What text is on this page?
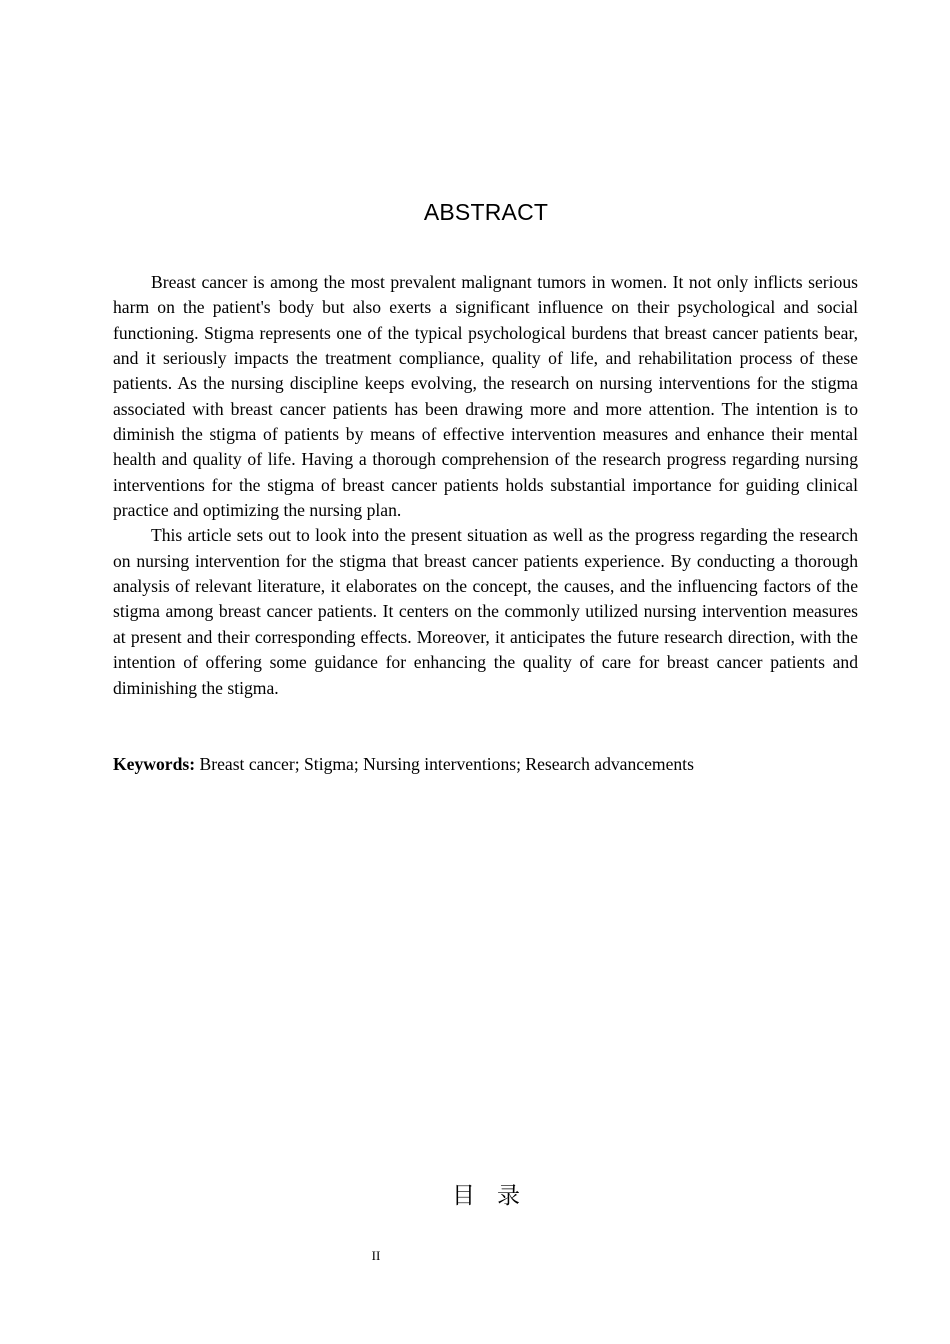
ABSTRACT

Breast cancer is among the most prevalent malignant tumors in women. It not only inflicts serious harm on the patient's body but also exerts a significant influence on their psychological and social functioning. Stigma represents one of the typical psychological burdens that breast cancer patients bear, and it seriously impacts the treatment compliance, quality of life, and rehabilitation process of these patients. As the nursing discipline keeps evolving, the research on nursing interventions for the stigma associated with breast cancer patients has been drawing more and more attention. The intention is to diminish the stigma of patients by means of effective intervention measures and enhance their mental health and quality of life. Having a thorough comprehension of the research progress regarding nursing interventions for the stigma of breast cancer patients holds substantial importance for guiding clinical practice and optimizing the nursing plan.

This article sets out to look into the present situation as well as the progress regarding the research on nursing intervention for the stigma that breast cancer patients experience. By conducting a thorough analysis of relevant literature, it elaborates on the concept, the causes, and the influencing factors of the stigma among breast cancer patients. It centers on the commonly utilized nursing intervention measures at present and their corresponding effects. Moreover, it anticipates the future research direction, with the intention of offering some guidance for enhancing the quality of care for breast cancer patients and diminishing the stigma.

Keywords: Breast cancer; Stigma; Nursing interventions; Research advancements
目录
II
